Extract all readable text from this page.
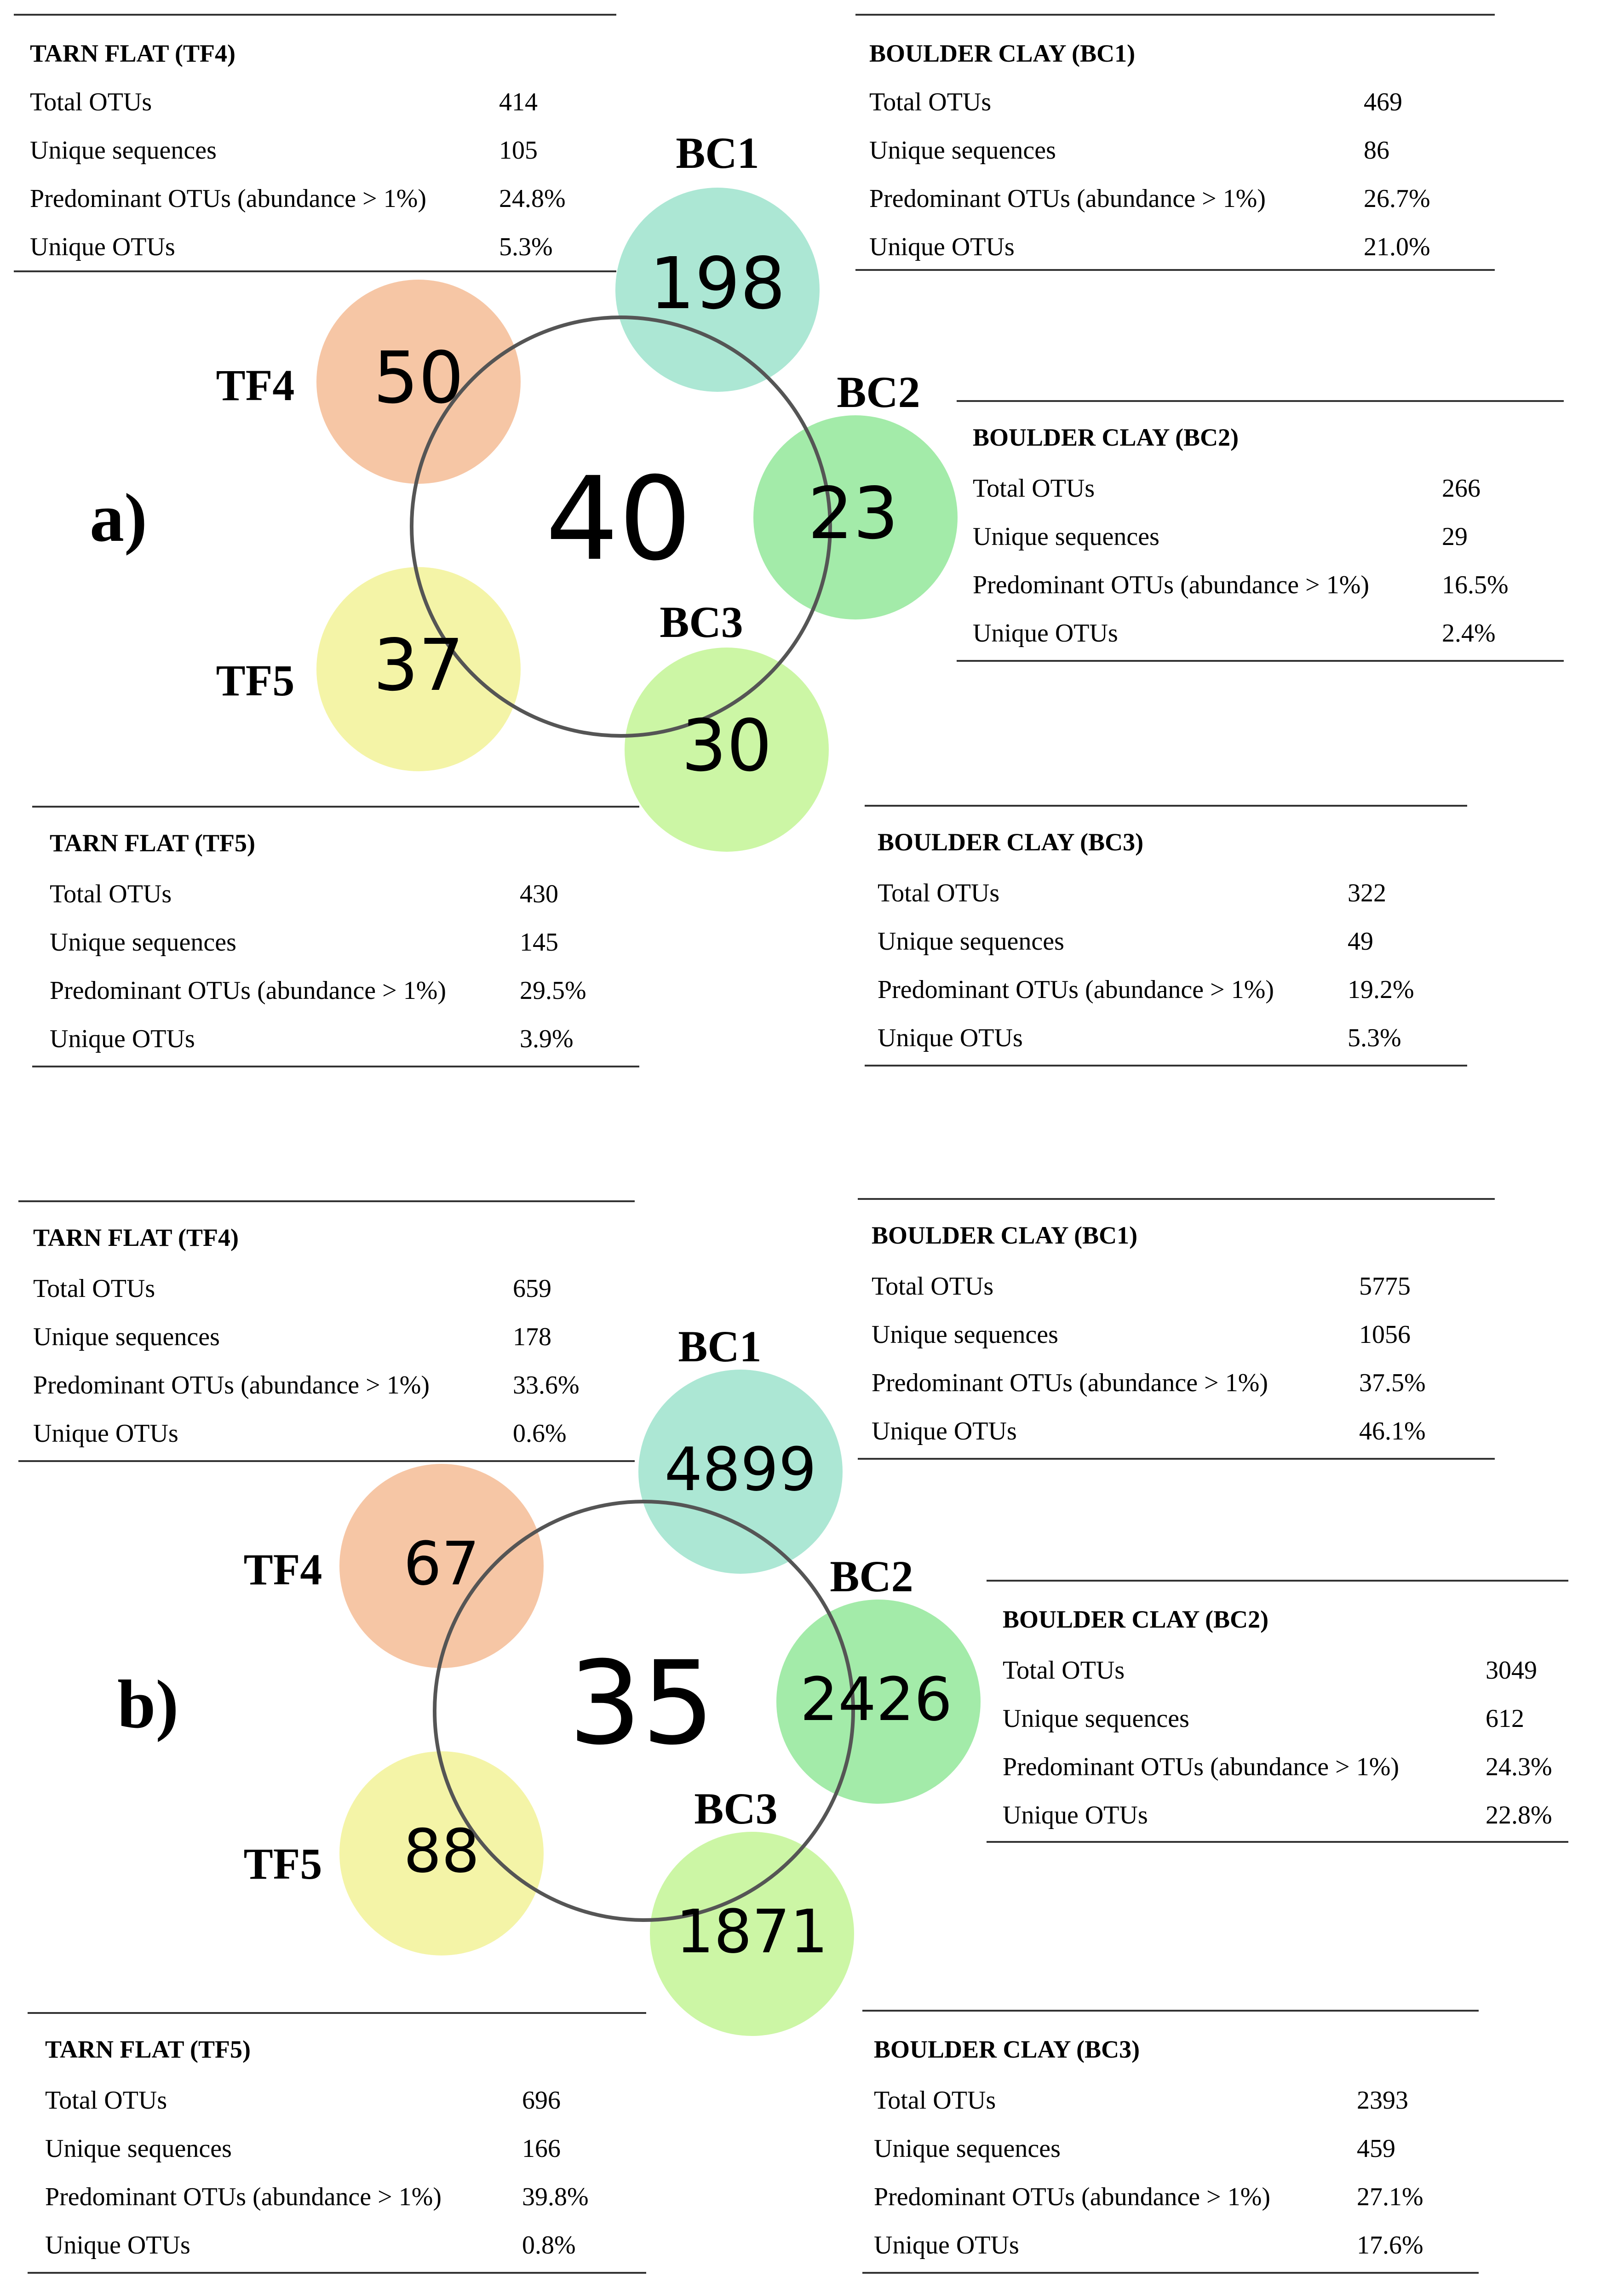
a)
198
23
30
37
50
40
BC1
BC2
BC3
TF5
TF4
4899
2426
1871
88
67
35
BC1
BC2
BC3
TF5
TF4
TARN FLAT (TF4)
Total OTUs	414
Unique sequences	105
Predominant OTUs (abundance > 1%)	24.8%
Unique OTUs	5.3%
BOULDER CLAY (BC1)
Total OTUs	469
Unique sequences	86
Predominant OTUs (abundance > 1%)	26.7%
Unique OTUs	21.0%
BOULDER CLAY (BC2)
Total OTUs	266
Unique sequences	29
Predominant OTUs (abundance > 1%)	16.5%
Unique OTUs	2.4%
TARN FLAT (TF5)
Total OTUs	430
Unique sequences	145
Predominant OTUs (abundance > 1%)	29.5%
Unique OTUs	3.9%
BOULDER CLAY (BC3)
Total OTUs	322
Unique sequences	49
Predominant OTUs (abundance > 1%)	19.2%
Unique OTUs	5.3%
b)
TARN FLAT (TF4)
Total OTUs	659
Unique sequences	178
Predominant OTUs (abundance > 1%)	33.6%
Unique OTUs	0.6%
BOULDER CLAY (BC1)
Total OTUs	5775
Unique sequences	1056
Predominant OTUs (abundance > 1%)	37.5%
Unique OTUs	46.1%
BOULDER CLAY (BC2)
Total OTUs	3049
Unique sequences	612
Predominant OTUs (abundance > 1%)	24.3%
Unique OTUs	22.8%
TARN FLAT (TF5)
Total OTUs	696
Unique sequences	166
Predominant OTUs (abundance > 1%)	39.8%
Unique OTUs	0.8%
BOULDER CLAY (BC3)
Total OTUs	2393
Unique sequences	459
Predominant OTUs (abundance > 1%)	27.1%
Unique OTUs	17.6%
